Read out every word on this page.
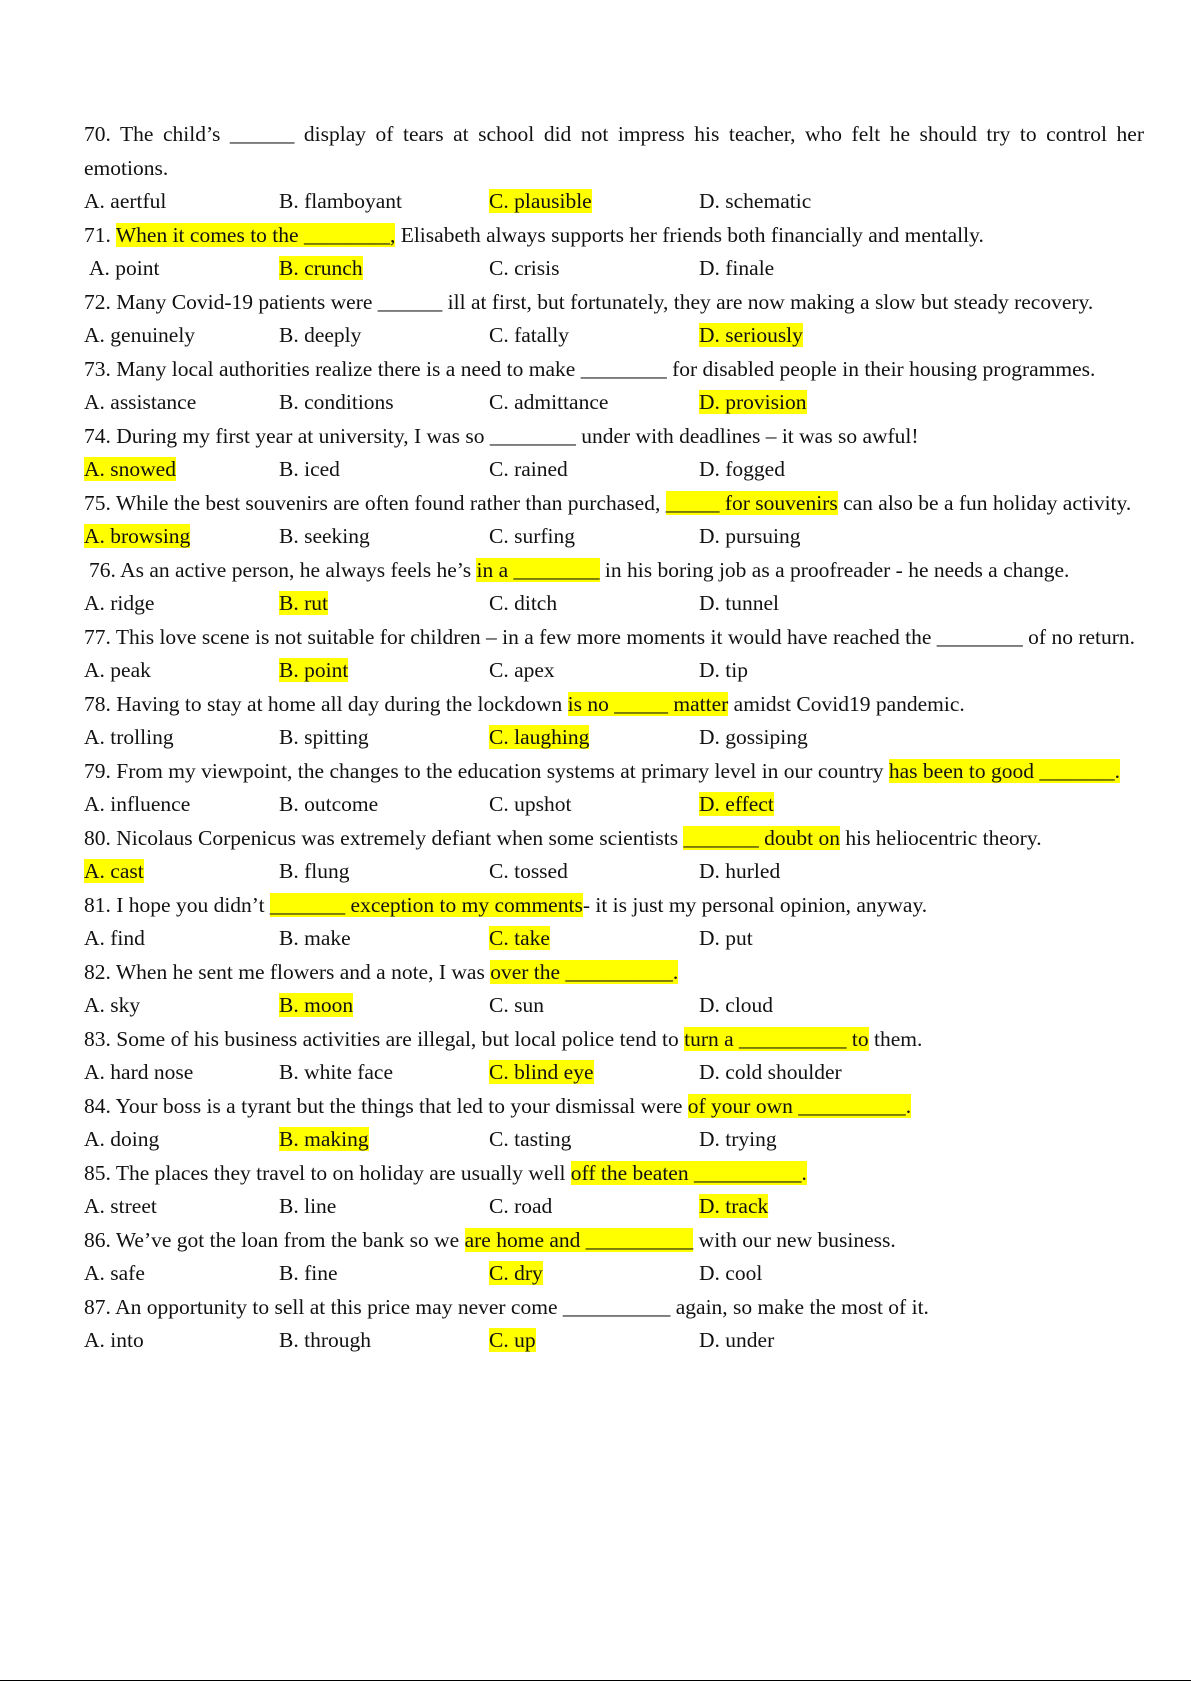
70. The child’s ______ display of tears at school did not impress his teacher, who felt he should try to control her emotions.
A. aertful	B. flamboyant	C. plausible	D. schematic
71. When it comes to the ________, Elisabeth always supports her friends both financially and mentally.
A. point	B. crunch	C. crisis	D. finale
72. Many Covid-19 patients were ______ ill at first, but fortunately, they are now making a slow but steady recovery.
A. genuinely	B. deeply	C. fatally	D. seriously
73. Many local authorities realize there is a need to make ________ for disabled people in their housing programmes.
A. assistance	B. conditions	C. admittance	D. provision
74. During my first year at university, I was so ________ under with deadlines – it was so awful!
A. snowed	B. iced	C. rained	D. fogged
75. While the best souvenirs are often found rather than purchased, _____ for souvenirs can also be a fun holiday activity.
A. browsing	B. seeking	C. surfing	D. pursuing
76. As an active person, he always feels he’s in a ________ in his boring job as a proofreader - he needs a change.
A. ridge	B. rut	C. ditch	D. tunnel
77. This love scene is not suitable for children – in a few more moments it would have reached the ________ of no return.
A. peak	B. point	C. apex	D. tip
78. Having to stay at home all day during the lockdown is no _____ matter amidst Covid19 pandemic.
A. trolling	B. spitting	C. laughing	D. gossiping
79. From my viewpoint, the changes to the education systems at primary level in our country has been to good _______.
A. influence	B. outcome	C. upshot	D. effect
80. Nicolaus Corpenicus was extremely defiant when some scientists _______ doubt on his heliocentric theory.
A. cast	B. flung	C. tossed	D. hurled
81. I hope you didn’t _______ exception to my comments- it is just my personal opinion, anyway.
A. find	B. make	C. take	D. put
82. When he sent me flowers and a note, I was over the __________.
A. sky	B. moon	C. sun	D. cloud
83. Some of his business activities are illegal, but local police tend to turn a __________ to them.
A. hard nose	B. white face	C. blind eye	D. cold shoulder
84. Your boss is a tyrant but the things that led to your dismissal were of your own __________.
A. doing	B. making	C. tasting	D. trying
85. The places they travel to on holiday are usually well off the beaten __________.
A. street	B. line	C. road	D. track
86. We’ve got the loan from the bank so we are home and __________ with our new business.
A. safe	B. fine	C. dry	D. cool
87. An opportunity to sell at this price may never come __________ again, so make the most of it.
A. into	B. through	C. up	D. under
